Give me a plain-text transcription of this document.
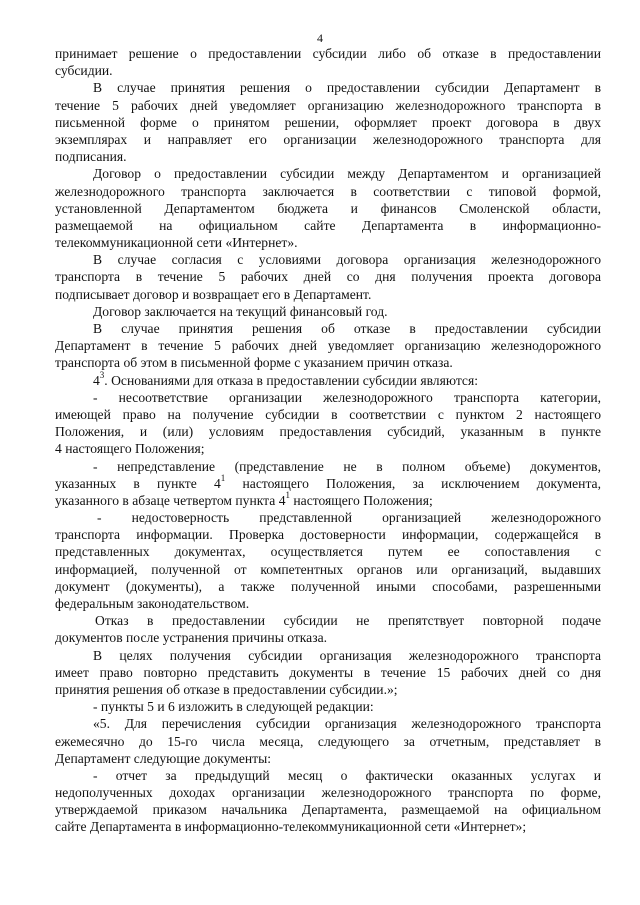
4
принимает решение о предоставлении субсидии либо об отказе в предоставлении
субсидии.
В случае принятия решения о предоставлении субсидии Департамент в
течение 5 рабочих дней уведомляет организацию железнодорожного транспорта в
письменной форме о принятом решении, оформляет проект договора в двух
экземплярах и направляет его организации железнодорожного транспорта для
подписания.
Договор о предоставлении субсидии между Департаментом и организацией
железнодорожного транспорта заключается в соответствии с типовой формой,
установленной Департаментом бюджета и финансов Смоленской области,
размещаемой на официальном сайте Департамента в информационно-
телекоммуникационной сети «Интернет».
В случае согласия с условиями договора организация железнодорожного
транспорта в течение 5 рабочих дней со дня получения проекта договора
подписывает договор и возвращает его в Департамент.
Договор заключается на текущий финансовый год.
В случае принятия решения об отказе в предоставлении субсидии
Департамент в течение 5 рабочих дней уведомляет организацию железнодорожного
транспорта об этом в письменной форме с указанием причин отказа.
$4^3$. Основаниями для отказа в предоставлении субсидии являются:
- несоответствие организации железнодорожного транспорта категории,
имеющей право на получение субсидии в соответствии с пунктом 2 настоящего
Положения, и (или) условиям предоставления субсидий, указанным в пункте
4 настоящего Положения;
- непредставление (представление не в полном объеме) документов,
указанных в пункте $4^1$ настоящего Положения, за исключением документа,
указанного в абзаце четвертом пункта $4^1$ настоящего Положения;
- недостоверность представленной организацией железнодорожного
транспорта информации. Проверка достоверности информации, содержащейся в
представленных документах, осуществляется путем ее сопоставления с
информацией, полученной от компетентных органов или организаций, выдавших
документ (документы), а также полученной иными способами, разрешенными
федеральным законодательством.
Отказ в предоставлении субсидии не препятствует повторной подаче
документов после устранения причины отказа.
В целях получения субсидии организация железнодорожного транспорта
имеет право повторно представить документы в течение 15 рабочих дней со дня
принятия решения об отказе в предоставлении субсидии.»;
- пункты 5 и 6 изложить в следующей редакции:
«5. Для перечисления субсидии организация железнодорожного транспорта
ежемесячно до 15-го числа месяца, следующего за отчетным, представляет в
Департамент следующие документы:
- отчет за предыдущий месяц о фактически оказанных услугах и
недополученных доходах организации железнодорожного транспорта по форме,
утверждаемой приказом начальника Департамента, размещаемой на официальном
сайте Департамента в информационно-телекоммуникационной сети «Интернет»;
